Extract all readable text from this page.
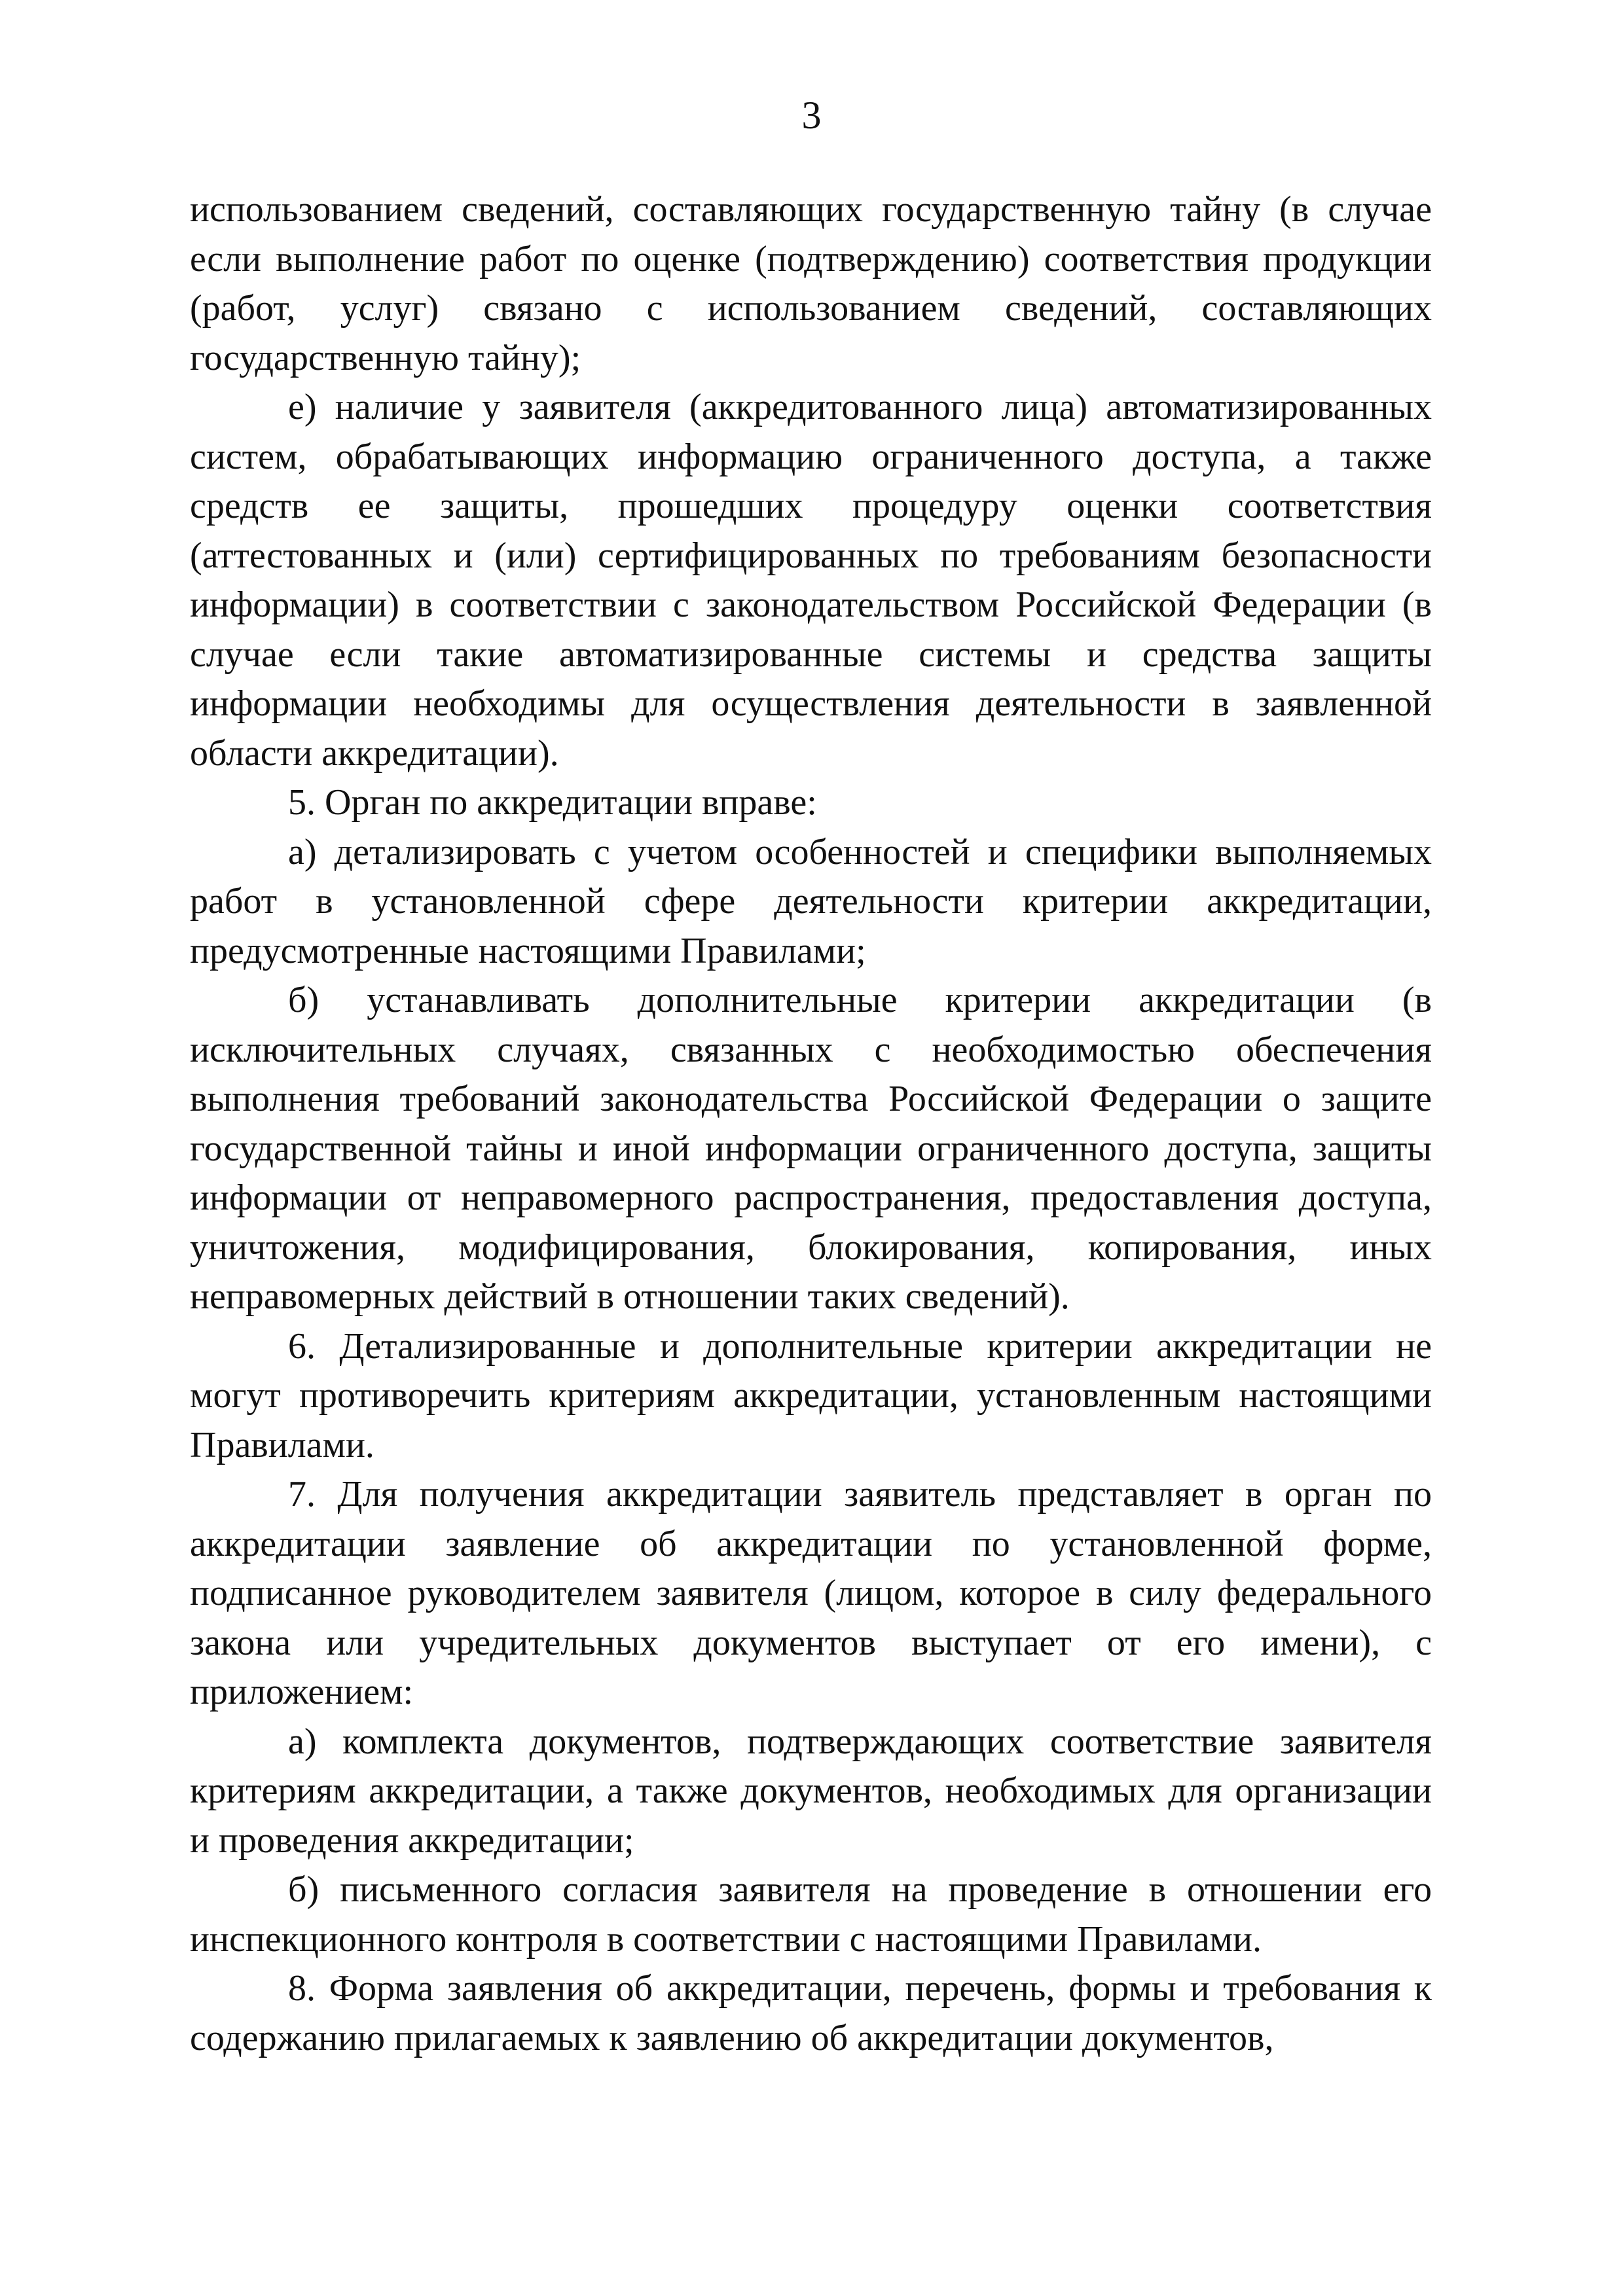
3

использованием сведений, составляющих государственную тайну (в случае если выполнение работ по оценке (подтверждению) соответствия продукции (работ, услуг) связано с использованием сведений, составляющих государственную тайну);

е) наличие у заявителя (аккредитованного лица) автоматизированных систем, обрабатывающих информацию ограниченного доступа, а также средств ее защиты, прошедших процедуру оценки соответствия (аттестованных и (или) сертифицированных по требованиям безопасности информации) в соответствии с законодательством Российской Федерации (в случае если такие автоматизированные системы и средства защиты информации необходимы для осуществления деятельности в заявленной области аккредитации).

5. Орган по аккредитации вправе:

а) детализировать с учетом особенностей и специфики выполняемых работ в установленной сфере деятельности критерии аккредитации, предусмотренные настоящими Правилами;

б) устанавливать дополнительные критерии аккредитации (в исключительных случаях, связанных с необходимостью обеспечения выполнения требований законодательства Российской Федерации о защите государственной тайны и иной информации ограниченного доступа, защиты информации от неправомерного распространения, предоставления доступа, уничтожения, модифицирования, блокирования, копирования, иных неправомерных действий в отношении таких сведений).

6. Детализированные и дополнительные критерии аккредитации не могут противоречить критериям аккредитации, установленным настоящими Правилами.

7. Для получения аккредитации заявитель представляет в орган по аккредитации заявление об аккредитации по установленной форме, подписанное руководителем заявителя (лицом, которое в силу федерального закона или учредительных документов выступает от его имени), с приложением:

а) комплекта документов, подтверждающих соответствие заявителя критериям аккредитации, а также документов, необходимых для организации и проведения аккредитации;

б) письменного согласия заявителя на проведение в отношении его инспекционного контроля в соответствии с настоящими Правилами.

8. Форма заявления об аккредитации, перечень, формы и требования к содержанию прилагаемых к заявлению об аккредитации документов,
